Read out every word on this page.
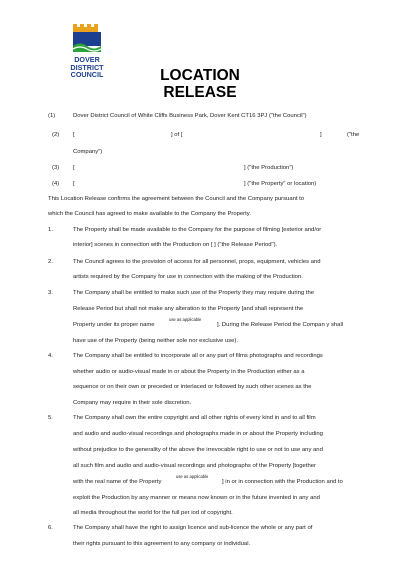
DOVER
DISTRICT
COUNCIL	LOCATION
RELEASE
(1)	Dover District Council of White Cliffs Business Park, Dover Kent CT16 3PJ ("the Council")
(2) [	] of [	]	("the
Company")
(3) [	] ("the Production")
(4) [	] ("the Property" or location)
This Location Release confirms the agreement between the Council and the Company pursuant to
which the Council has agreed to make available to the Company the Property.
1.	The Property shall be made available to the Company for the purpose of filming [exterior and/or
interior] scenes in connection with the Production on [ ] ("the Release Period").
2.	The Council agrees to the provision of access for all personnel, props, equipment, vehicles and
artists required by the Company for use in connection with the making of the Production.
3.	The Company shall be entitled to make such use of the Property they may require during the
Release Period but shall not make any alteration to the Property [and shall represent the
Property under its proper name
use as applicable
]. During the Release Period the Compan y shall
have use of the Property (being neither sole nor exclusive use).
4.	The Company shall be entitled to incorporate all or any part of films photographs and recordings
whether audio or audio-visual made in or about the Property in the Production either as a
sequence or on their own or preceded or interlaced or followed by such other scenes as the
Company may require in their sole discretion.
5.	The Company shall own the entire copyright and all other rights of every kind in and to all film
and audio and audio-visual recordings and photographs made in or about the Property including
without prejudice to the generality of the above the irrevocable right to use or not to use any and
all such film and audio and audio-visual recordings and photographs of the Property [together
with the real name of the Property
use as applicable
] in or in connection with the Production and to
exploit the Production by any manner or means now known or in the future invented in any and
all media throughout the world for the full per iod of copyright.
6.	The Company shall have the right to assign licence and sub-licence the whole or any part of
their rights pursuant to this agreement to any company or individual.
